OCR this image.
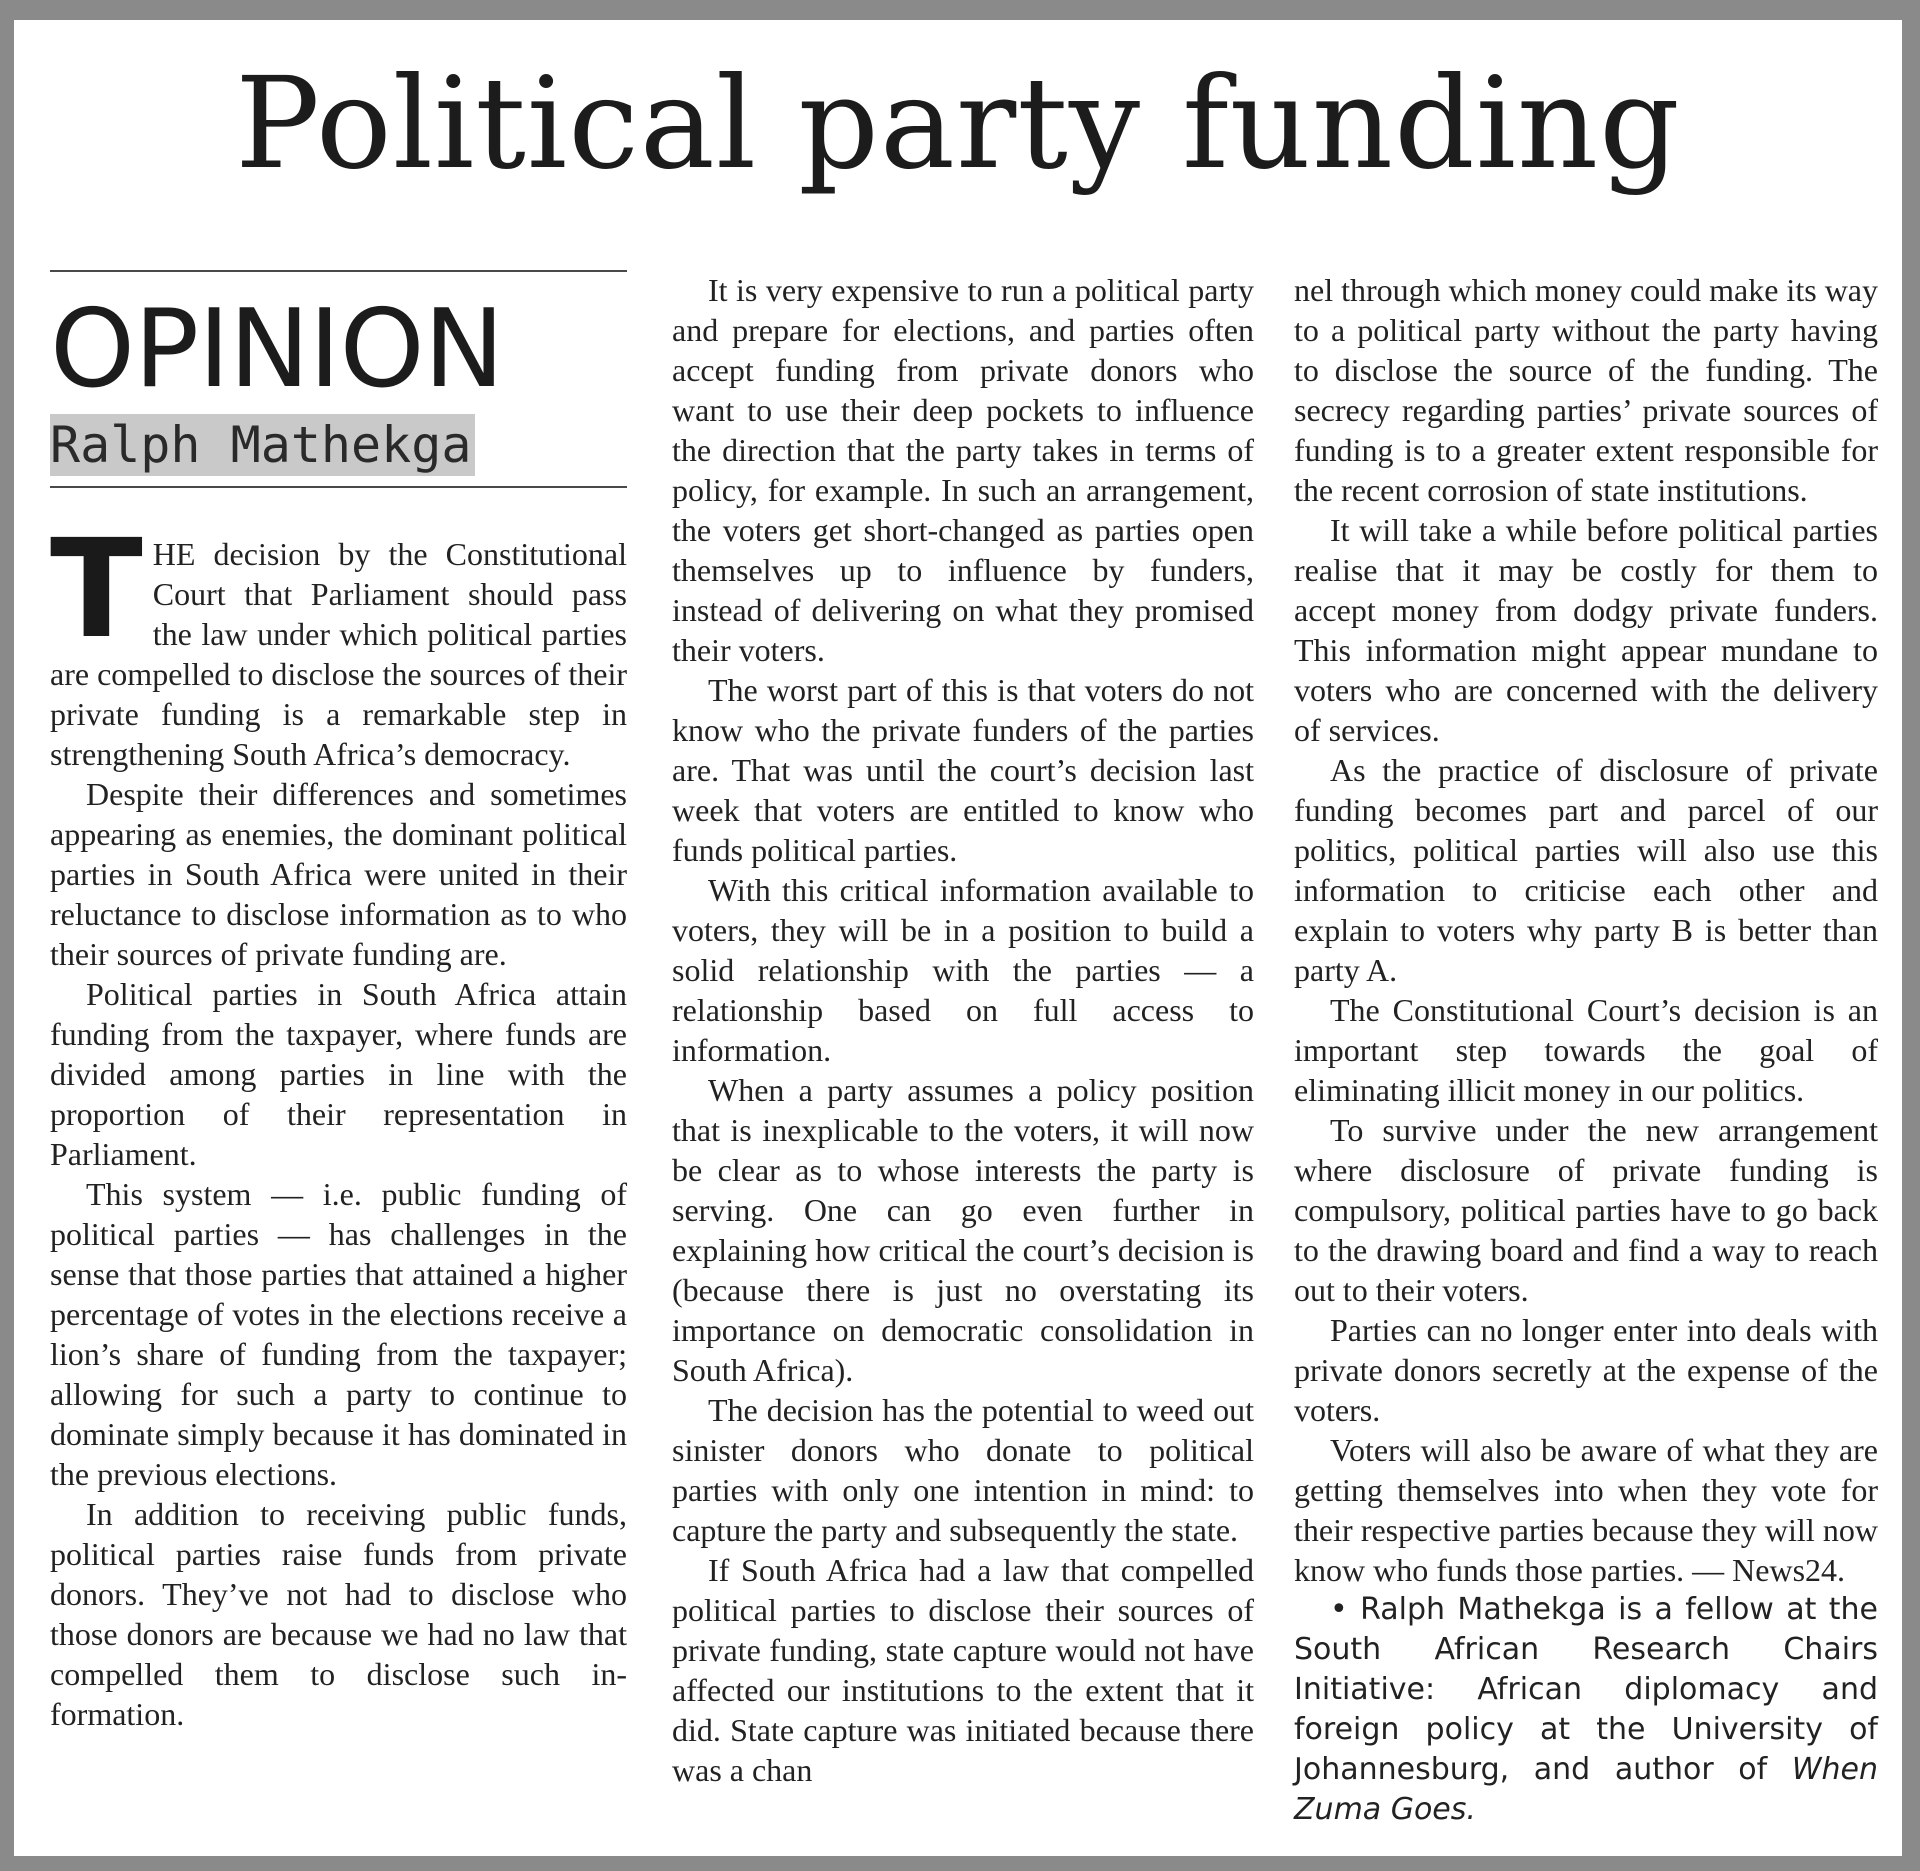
Political party funding
OPINION
Ralph Mathekga

THE decision by the Constitutional Court that Parliament should pass the law under which political parties are compelled to disclose the sources of their private funding is a remarkable step in strengthening South Africa’s democracy.

Despite their differences and sometimes appearing as enemies, the dominant political parties in South Africa were united in their reluctance to disclose information as to who their sources of private funding are.

Political parties in South Africa attain funding from the taxpayer, where funds are divided among parties in line with the proportion of their representation in Parliament.

This system — i.e. public funding of political parties — has challenges in the sense that those parties that attained a higher percentage of votes in the elections receive a lion’s share of funding from the taxpayer; allowing for such a party to continue to dominate simply because it has dominated in the previous elections.

In addition to receiving public funds, political parties raise funds from private donors. They’ve not had to disclose who those donors are because we had no law that compelled them to disclose such information.

It is very expensive to run a political party and prepare for elections, and parties often accept funding from private donors who want to use their deep pockets to influence the direction that the party takes in terms of policy, for example. In such an arrangement, the voters get short-changed as parties open themselves up to influence by funders, instead of delivering on what they promised their voters.

The worst part of this is that voters do not know who the private funders of the parties are. That was until the court’s decision last week that voters are entitled to know who funds political parties.

With this critical information available to voters, they will be in a position to build a solid relationship with the parties — a relationship based on full access to information.

When a party assumes a policy position that is inexplicable to the voters, it will now be clear as to whose interests the party is serving. One can go even further in explaining how critical the court’s decision is (because there is just no overstating its importance on democratic consolidation in South Africa).

The decision has the potential to weed out sinister donors who donate to political parties with only one intention in mind: to capture the party and subsequently the state.

If South Africa had a law that compelled political parties to disclose their sources of private funding, state capture would not have affected our institutions to the extent that it did. State capture was initiated because there was a chan

nel through which money could make its way to a political party without the party having to disclose the source of the funding. The secrecy regarding parties’ private sources of funding is to a greater extent responsible for the recent corrosion of state institutions.

It will take a while before political parties realise that it may be costly for them to accept money from dodgy private funders. This information might appear mundane to voters who are concerned with the delivery of services.

As the practice of disclosure of private funding becomes part and parcel of our politics, political parties will also use this information to criticise each other and explain to voters why party B is better than party A.

The Constitutional Court’s decision is an important step towards the goal of eliminating illicit money in our politics.

To survive under the new arrangement where disclosure of private funding is compulsory, political parties have to go back to the drawing board and find a way to reach out to their voters.

Parties can no longer enter into deals with private donors secretly at the expense of the voters.

Voters will also be aware of what they are getting themselves into when they vote for their respective parties because they will now know who funds those parties. — News24.

• Ralph Mathekga is a fellow at the South African Research Chairs Initiative: African diplomacy and foreign policy at the University of Johannesburg, and author of When Zuma Goes.
